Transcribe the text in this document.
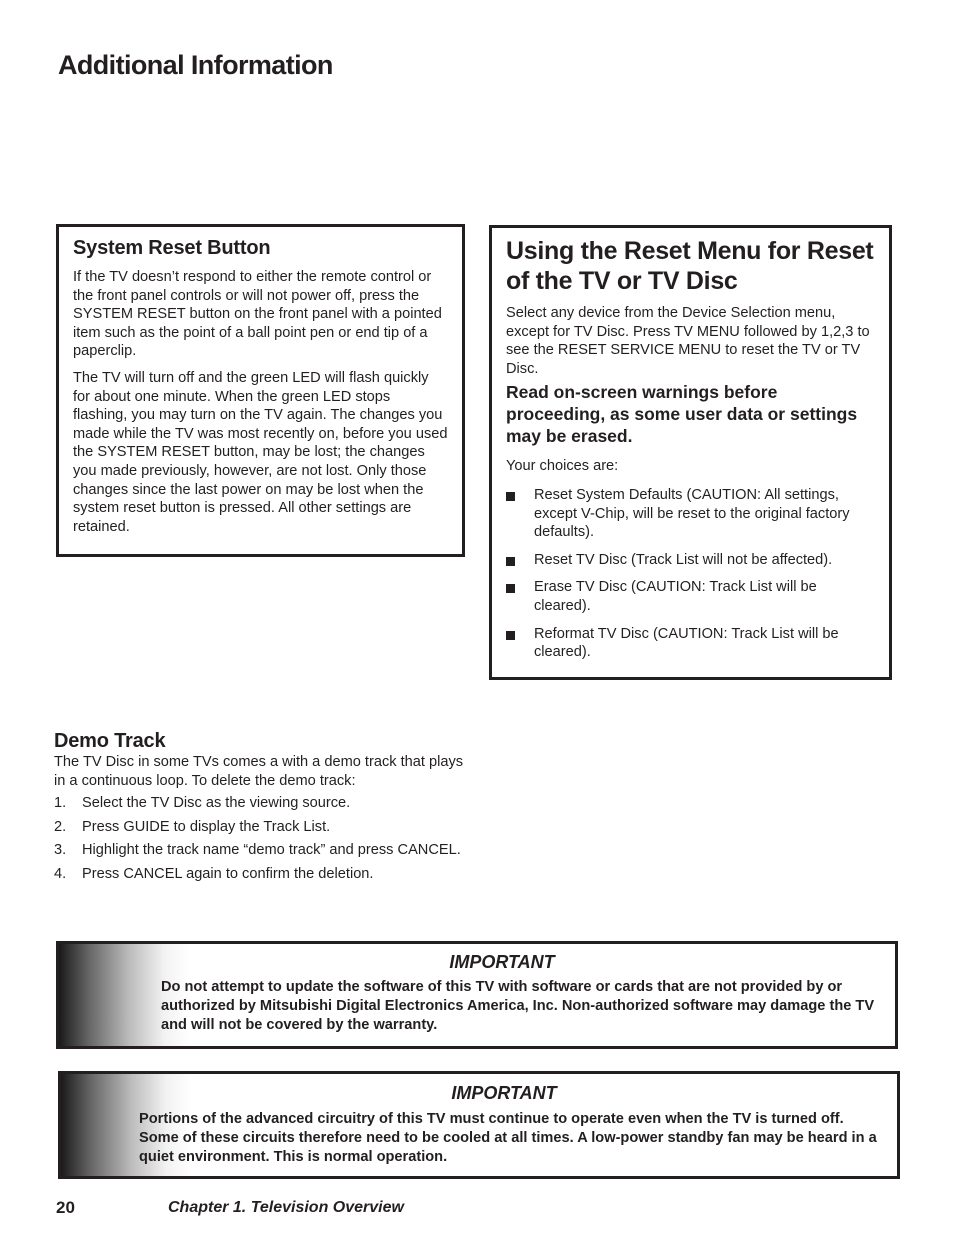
Additional Information
System Reset Button

If the TV doesn’t respond to either the remote control or the front panel controls or will not power off, press the SYSTEM RESET button on the front panel with a pointed item such as the point of a ball point pen or end tip of a paperclip.

The TV will turn off and the green LED will flash quickly for about one minute. When the green LED stops flashing, you may turn on the TV again. The changes you made while the TV was most recently on, before you used the SYSTEM RESET button, may be lost; the changes you made previously, however, are not lost. Only those changes since the last power on may be lost when the system reset button is pressed. All other settings are retained.

Using the Reset Menu for Reset of the TV or TV Disc

Select any device from the Device Selection menu, except for TV Disc. Press TV MENU followed by 1,2,3 to see the RESET SERVICE MENU to reset the TV or TV Disc.

Read on-screen warnings before proceeding, as some user data or settings may be erased.

Your choices are:

Reset System Defaults (CAUTION: All settings, except V-Chip, will be reset to the original factory defaults).
Reset TV Disc (Track List will not be affected).
Erase TV Disc (CAUTION: Track List will be cleared).
Reformat TV Disc (CAUTION: Track List will be cleared).
Demo Track

The TV Disc in some TVs comes a with a demo track that plays in a continuous loop. To delete the demo track:

1. Select the TV Disc as the viewing source.
2. Press GUIDE to display the Track List.
3. Highlight the track name “demo track” and press CANCEL.
4. Press CANCEL again to confirm the deletion.
IMPORTANT
Do not attempt to update the software of this TV with software or cards that are not provided by or authorized by Mitsubishi Digital Electronics America, Inc. Non-authorized software may damage the TV and will not be covered by the warranty.
IMPORTANT
Portions of the advanced circuitry of this TV must continue to operate even when the TV is turned off. Some of these circuits therefore need to be cooled at all times. A low-power standby fan may be heard in a quiet environment. This is normal operation.
20	Chapter 1. Television Overview
